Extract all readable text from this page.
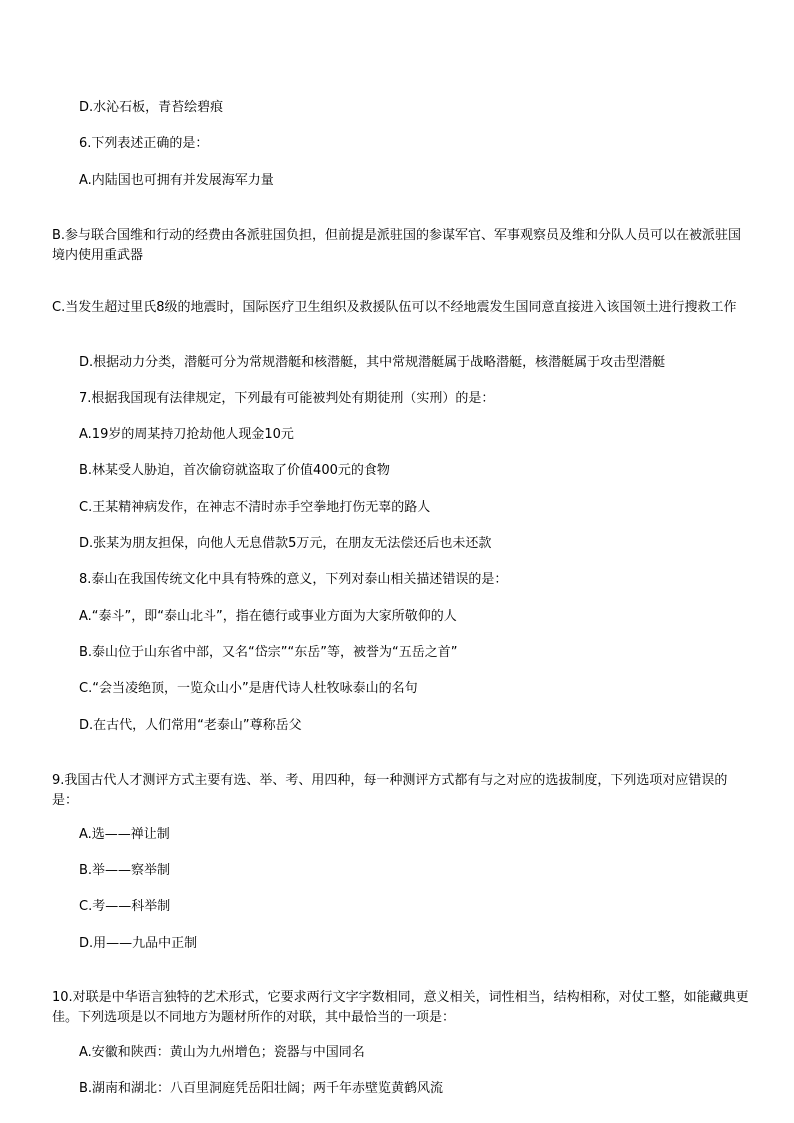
D.水沁石板，青苔绘碧痕
6.下列表述正确的是：
A.内陆国也可拥有并发展海军力量
B.参与联合国维和行动的经费由各派驻国负担，但前提是派驻国的参谋军官、军事观察员及维和分队人员可以在被派驻国境内使用重武器
C.当发生超过里氏8级的地震时，国际医疗卫生组织及救援队伍可以不经地震发生国同意直接进入该国领土进行搜救工作
D.根据动力分类，潜艇可分为常规潜艇和核潜艇，其中常规潜艇属于战略潜艇，核潜艇属于攻击型潜艇
7.根据我国现有法律规定，下列最有可能被判处有期徒刑（实刑）的是：
A.19岁的周某持刀抢劫他人现金10元
B.林某受人胁迫，首次偷窃就盗取了价值400元的食物
C.王某精神病发作，在神志不清时赤手空拳地打伤无辜的路人
D.张某为朋友担保，向他人无息借款5万元，在朋友无法偿还后也未还款
8.泰山在我国传统文化中具有特殊的意义，下列对泰山相关描述错误的是：
A.“泰斗”，即“泰山北斗”，指在德行或事业方面为大家所敬仰的人
B.泰山位于山东省中部，又名“岱宗”“东岳”等，被誉为“五岳之首”
C.“会当凌绝顶，一览众山小”是唐代诗人杜牧咏泰山的名句
D.在古代，人们常用“老泰山”尊称岳父
9.我国古代人才测评方式主要有选、举、考、用四种，每一种测评方式都有与之对应的选拔制度，下列选项对应错误的是：
A.选——禅让制
B.举——察举制
C.考——科举制
D.用——九品中正制
10.对联是中华语言独特的艺术形式，它要求两行文字字数相同，意义相关，词性相当，结构相称，对仗工整，如能藏典更佳。下列选项是以不同地方为题材所作的对联，其中最恰当的一项是：
A.安徽和陕西：黄山为九州增色；瓷器与中国同名
B.湖南和湖北：八百里洞庭凭岳阳壮阔；两千年赤壁览黄鹤风流
